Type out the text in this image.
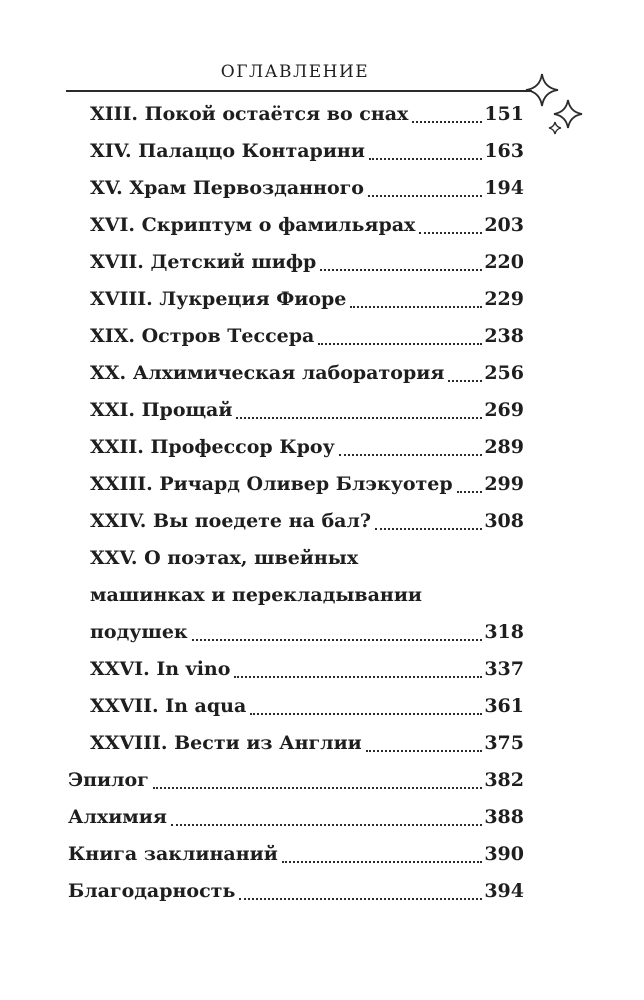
ОГЛАВЛЕНИЕ
XIII. Покой остаётся во снах	151
XIV. Палаццо Контарини	163
XV. Храм Первозданного	194
XVI. Скриптум о фамильярах	203
XVII. Детский шифр	220
XVIII. Лукреция Фиоре	229
XIX. Остров Тессера	238
XX. Алхимическая лаборатория 256
XXI. Прощай	269
XXII. Профессор Кроу	289
XXIII. Ричард Оливер Блэкуотер 299
XXIV. Вы поедете на бал?	308
XXV. О поэтах, швейных
машинках и перекладывании
подушек	318
XXVI. In vino	337
XXVII. In aqua	361
XXVIII. Вести из Англии	375
Эпилог	382
Алхимия	388
Книга заклинаний	390
Благодарность	394
